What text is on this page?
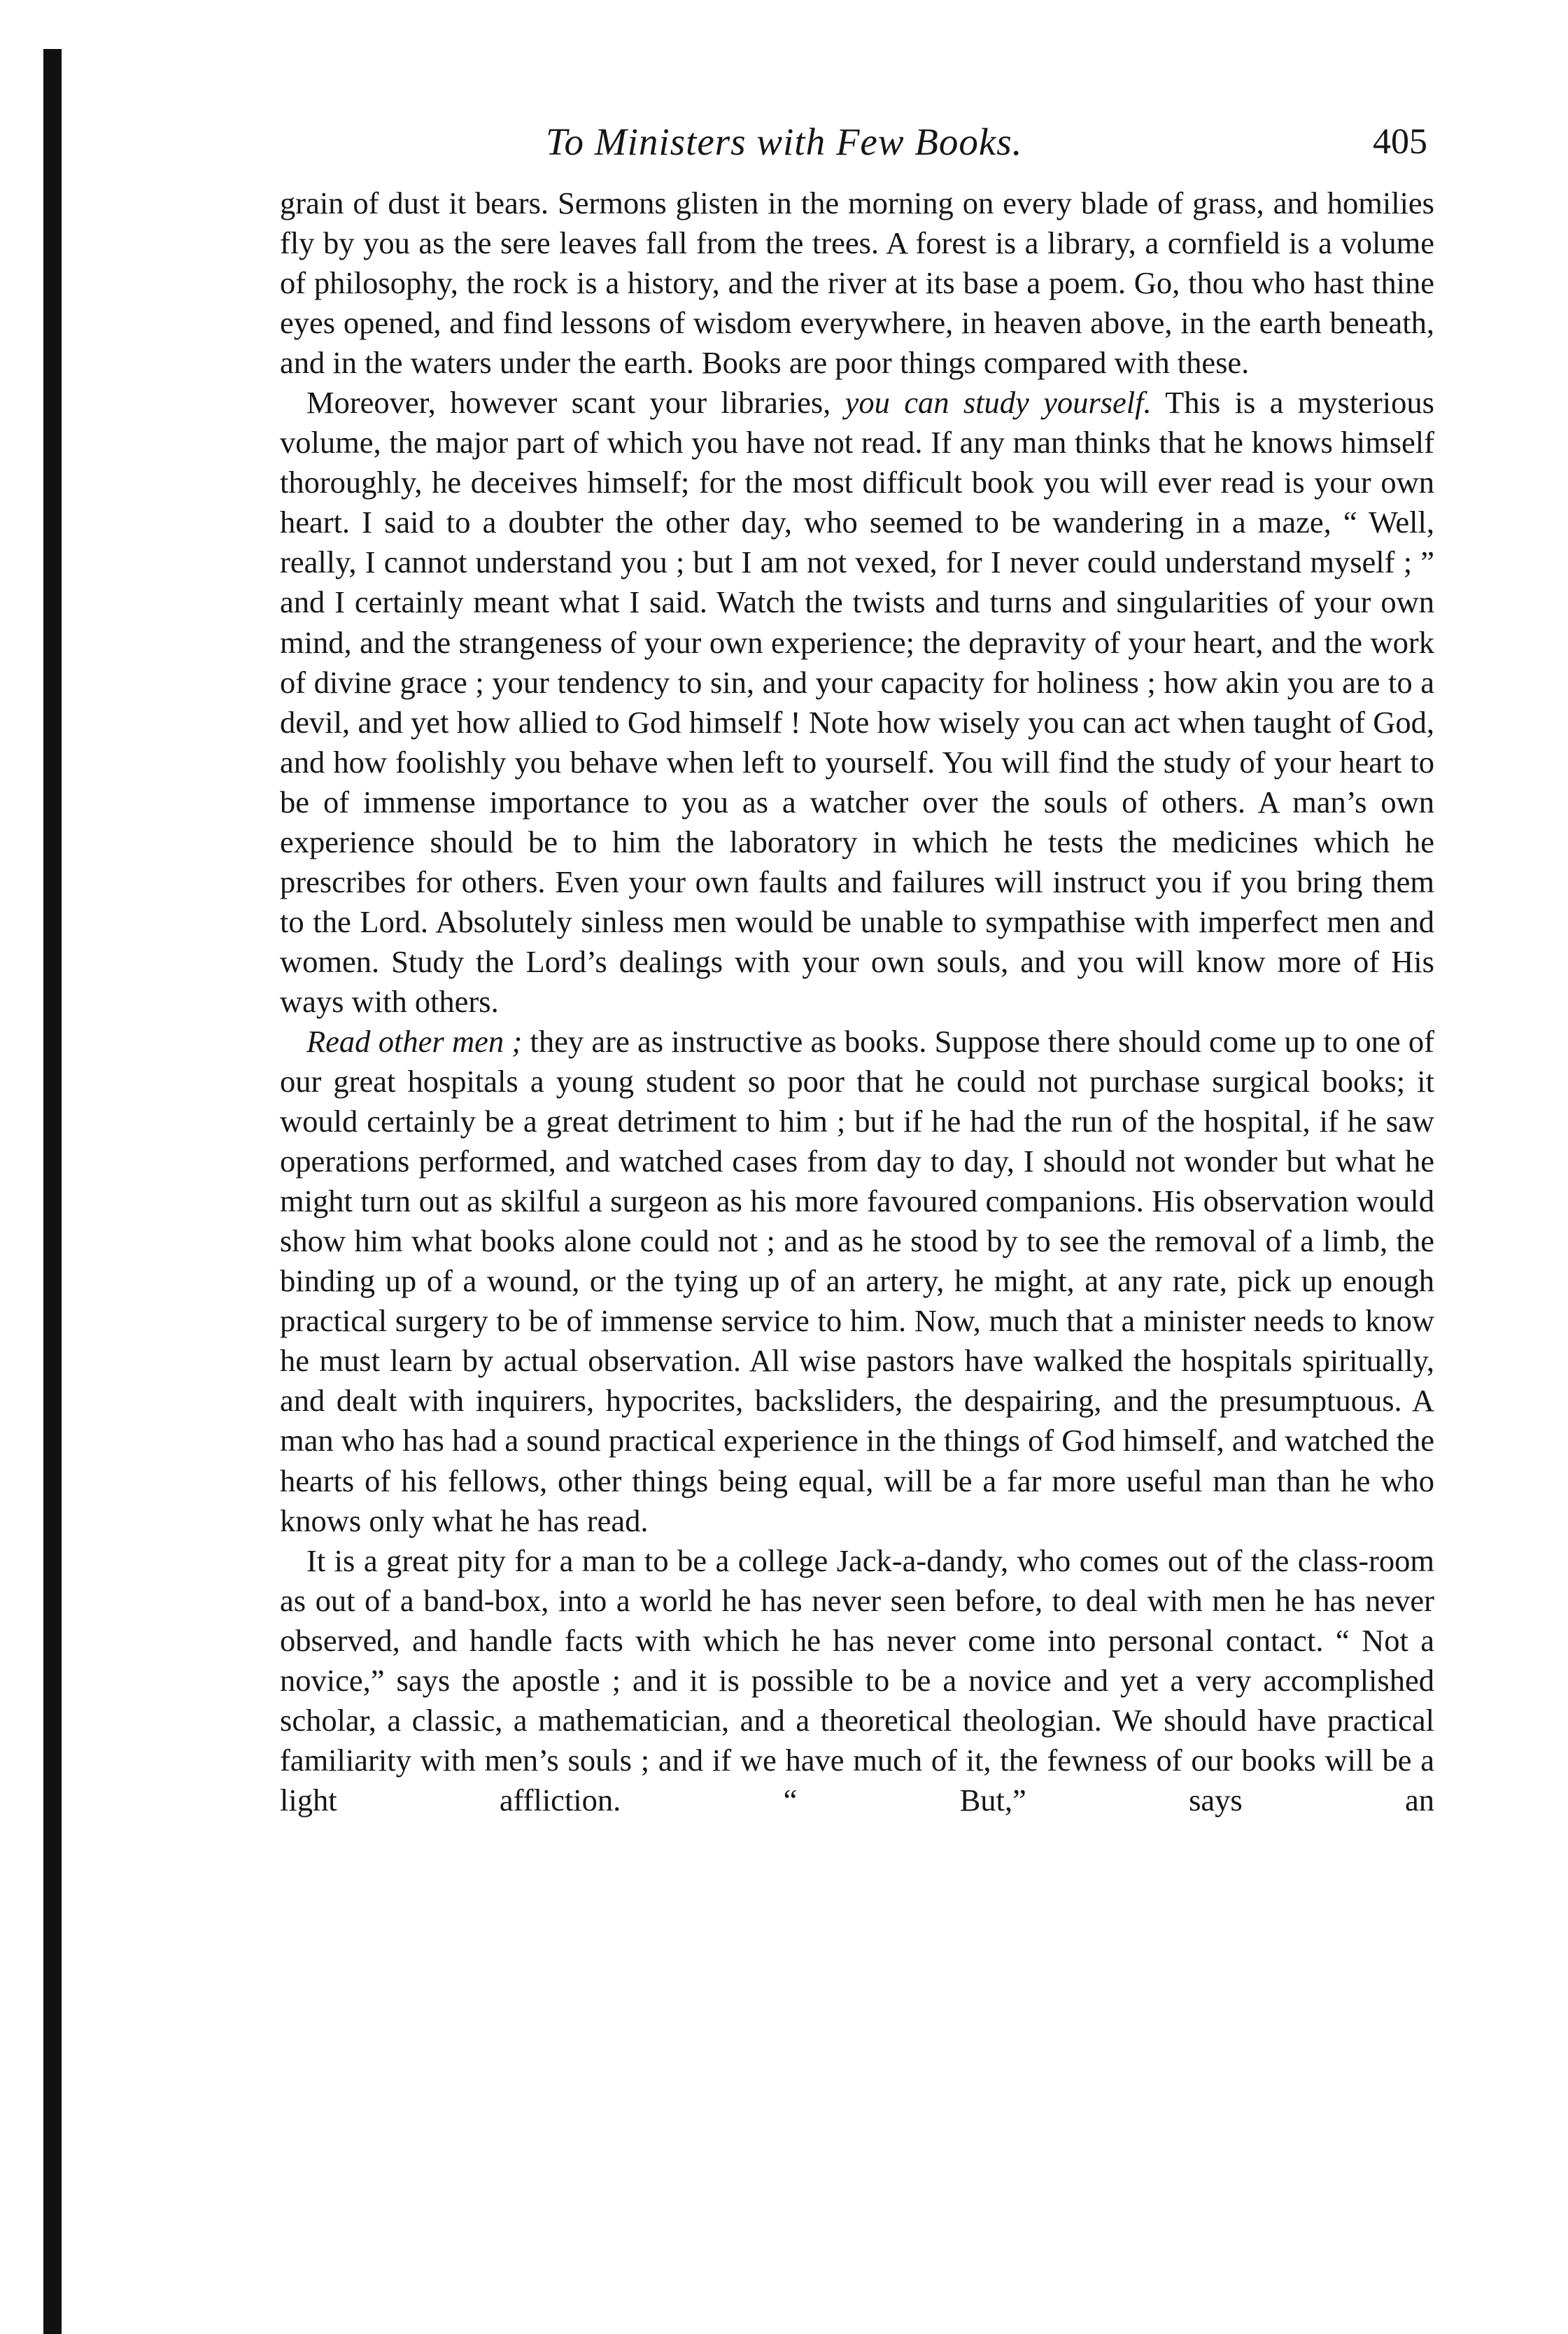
To Ministers with Few Books.	405

grain of dust it bears. Sermons glisten in the morning on every blade of grass, and homilies fly by you as the sere leaves fall from the trees. A forest is a library, a cornfield is a volume of philosophy, the rock is a history, and the river at its base a poem. Go, thou who hast thine eyes opened, and find lessons of wisdom everywhere, in heaven above, in the earth beneath, and in the waters under the earth. Books are poor things compared with these.

Moreover, however scant your libraries, you can study yourself. This is a mysterious volume, the major part of which you have not read. If any man thinks that he knows himself thoroughly, he deceives himself; for the most difficult book you will ever read is your own heart. I said to a doubter the other day, who seemed to be wandering in a maze, “ Well, really, I cannot understand you ; but I am not vexed, for I never could understand myself ; ” and I certainly meant what I said. Watch the twists and turns and singularities of your own mind, and the strangeness of your own experience; the depravity of your heart, and the work of divine grace ; your tendency to sin, and your capacity for holiness ; how akin you are to a devil, and yet how allied to God himself ! Note how wisely you can act when taught of God, and how foolishly you behave when left to yourself. You will find the study of your heart to be of immense importance to you as a watcher over the souls of others. A man’s own experience should be to him the laboratory in which he tests the medicines which he prescribes for others. Even your own faults and failures will instruct you if you bring them to the Lord. Absolutely sinless men would be unable to sympathise with imperfect men and women. Study the Lord’s dealings with your own souls, and you will know more of His ways with others.

Read other men ; they are as instructive as books. Suppose there should come up to one of our great hospitals a young student so poor that he could not purchase surgical books; it would certainly be a great detriment to him ; but if he had the run of the hospital, if he saw operations performed, and watched cases from day to day, I should not wonder but what he might turn out as skilful a surgeon as his more favoured companions. His observation would show him what books alone could not ; and as he stood by to see the removal of a limb, the binding up of a wound, or the tying up of an artery, he might, at any rate, pick up enough practical surgery to be of immense service to him. Now, much that a minister needs to know he must learn by actual observation. All wise pastors have walked the hospitals spiritually, and dealt with inquirers, hypocrites, backsliders, the despairing, and the presumptuous. A man who has had a sound practical experience in the things of God himself, and watched the hearts of his fellows, other things being equal, will be a far more useful man than he who knows only what he has read.

It is a great pity for a man to be a college Jack-a-dandy, who comes out of the class-room as out of a band-box, into a world he has never seen before, to deal with men he has never observed, and handle facts with which he has never come into personal contact. “ Not a novice,” says the apostle ; and it is possible to be a novice and yet a very accomplished scholar, a classic, a mathematician, and a theoretical theologian. We should have practical familiarity with men’s souls ; and if we have much of it, the fewness of our books will be a light affliction. “ But,” says an
